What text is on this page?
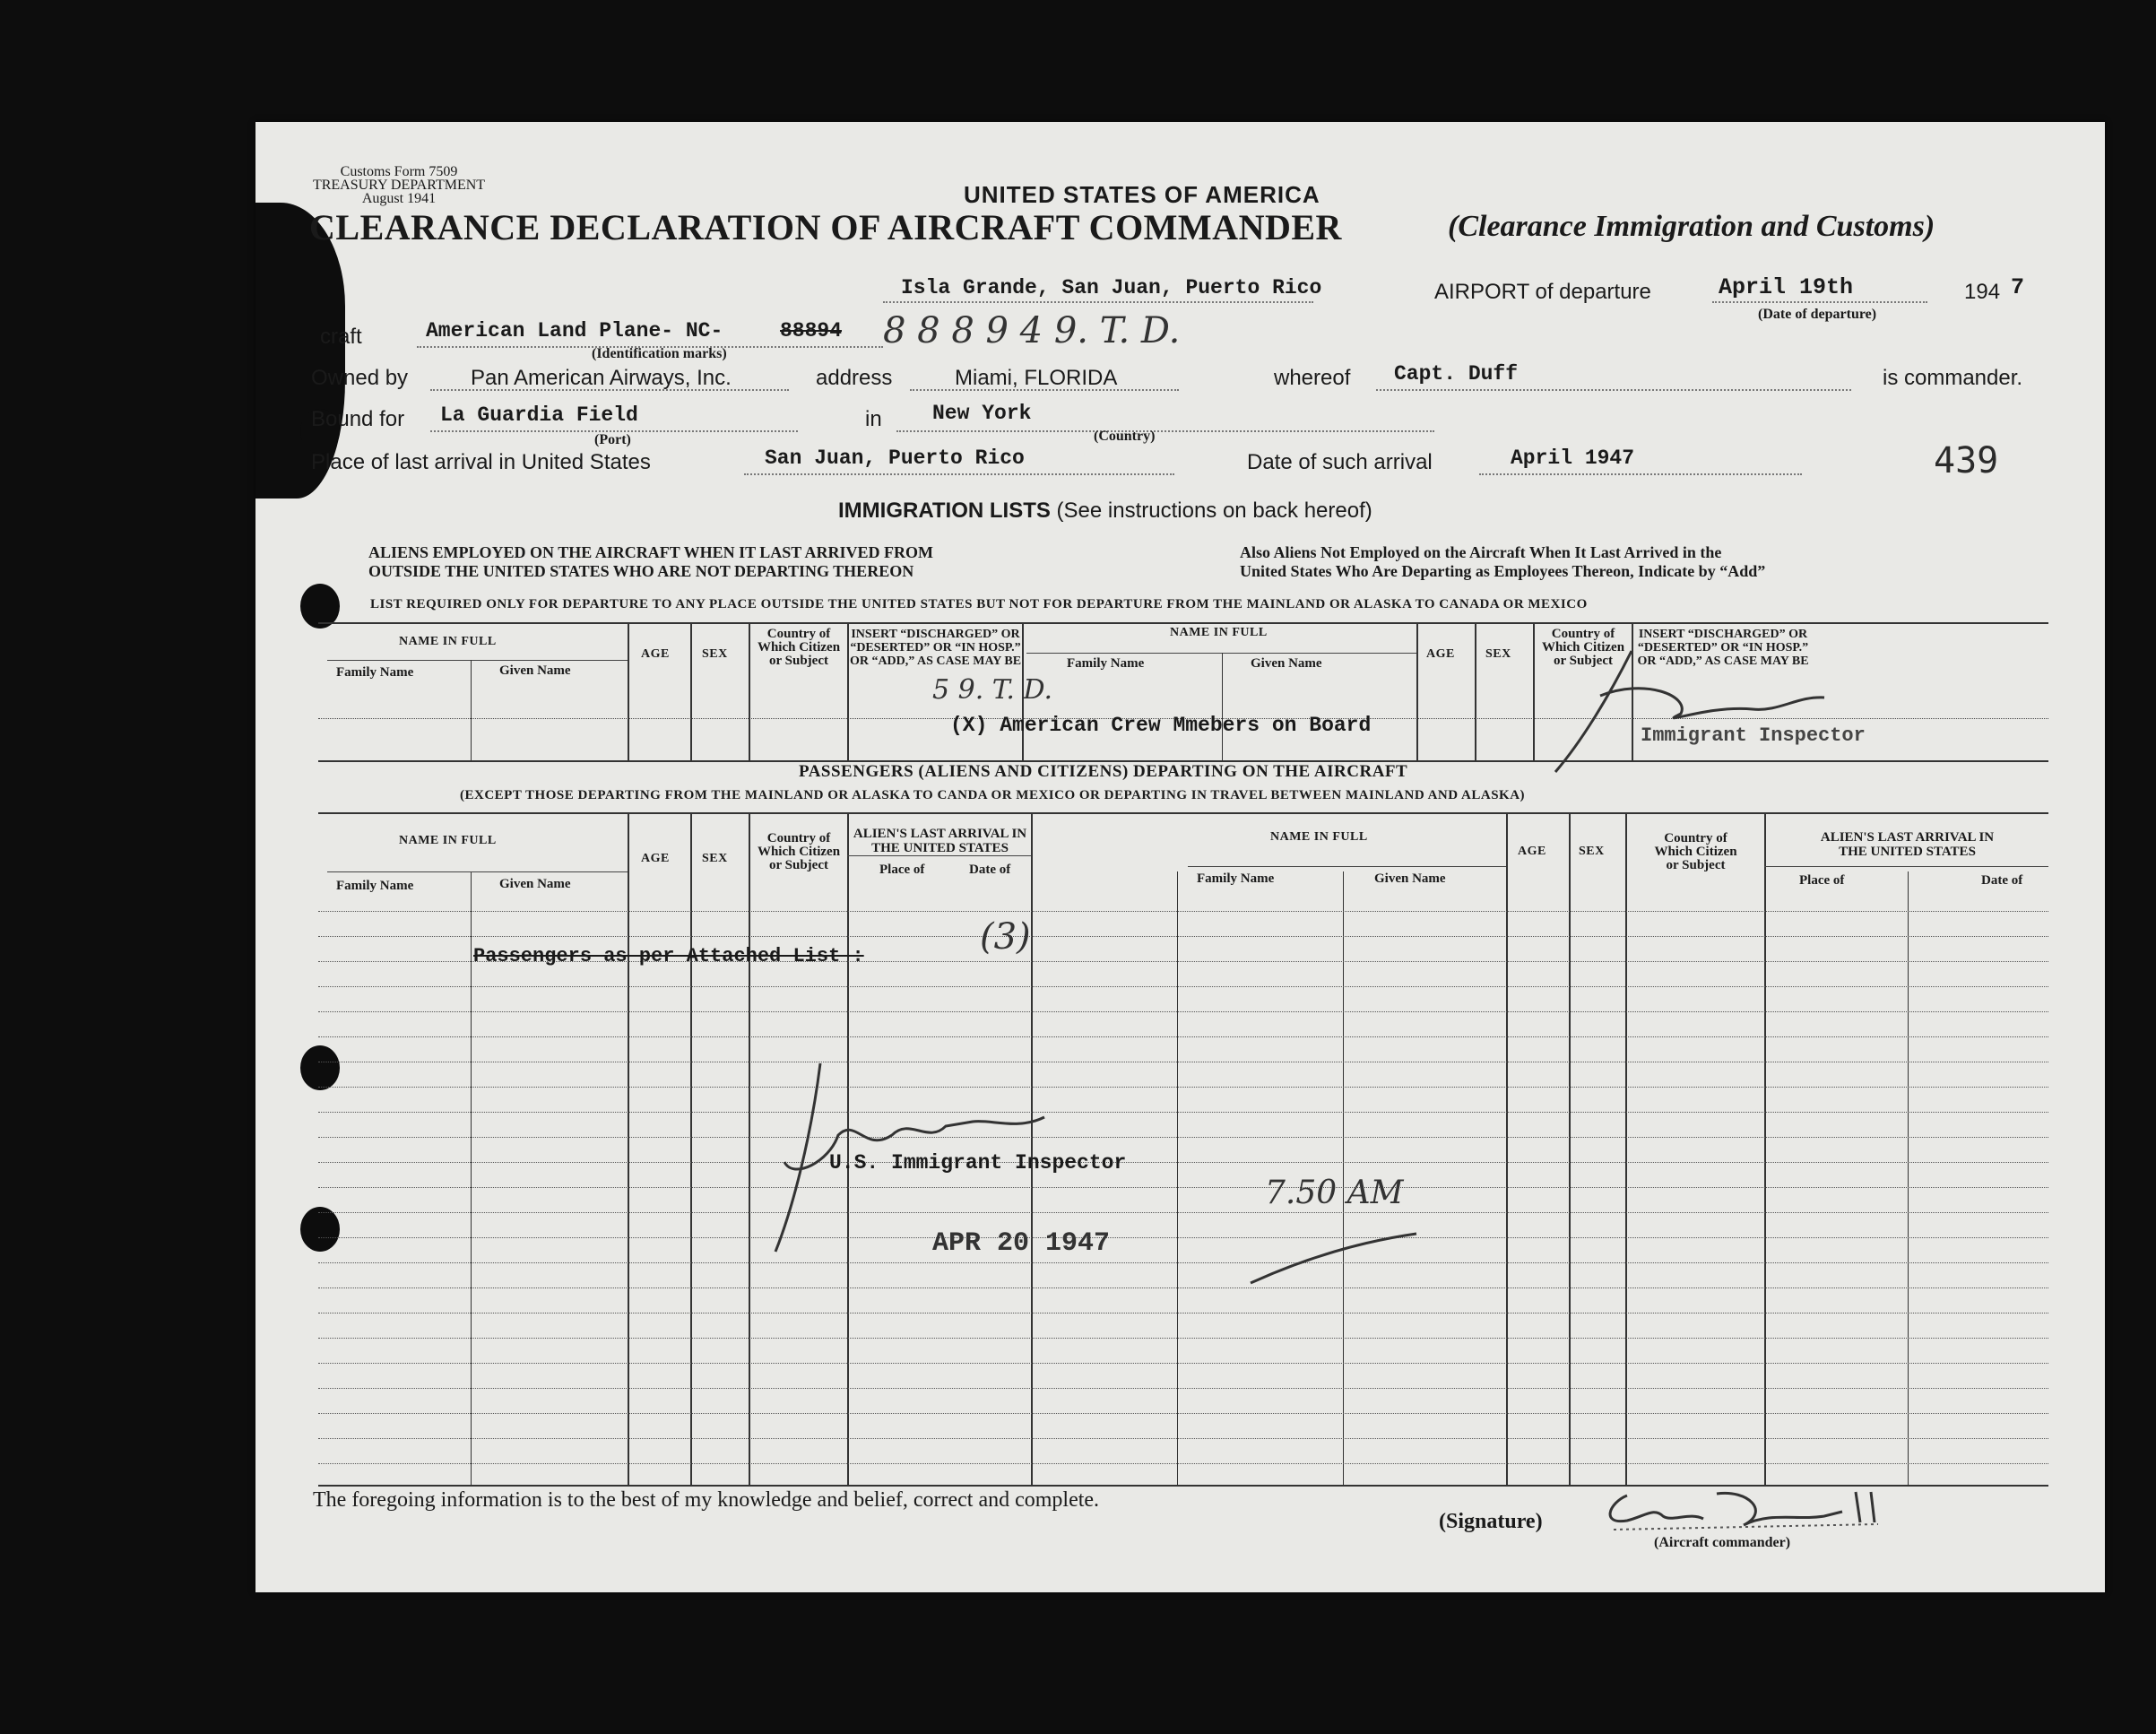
Customs Form 7509
TREASURY DEPARTMENT
August 1941	UNITED STATES OF AMERICA
CLEARANCE DECLARATION OF AIRCRAFT COMMANDER	(Clearance Immigration and Customs)
Isla Grande, San Juan, Puerto Rico	AIRPORT of departure	April 19th	194 7
(Date of departure)
craft	American Land Plane- NC-	88894 8 8 8 9 4 9. T. D.
(Identification marks)
Owned by	Pan American Airways, Inc.	address	Miami, FLORIDA	whereof Capt. Duff	is commander.
Bound for La Guardia Field	in New York
(Port)	(Country)
Place of last arrival in United States	San Juan, Puerto Rico	Date of such arrival	April 1947	439
IMMIGRATION LISTS (See instructions on back hereof)
ALIENS EMPLOYED ON THE AIRCRAFT WHEN IT LAST ARRIVED FROM
OUTSIDE THE UNITED STATES WHO ARE NOT DEPARTING THEREON
Also Aliens Not Employed on the Aircraft When It Last Arrived in the
United States Who Are Departing as Employees Thereon, Indicate by “Add”
LIST REQUIRED ONLY FOR DEPARTURE TO ANY PLACE OUTSIDE THE UNITED STATES BUT NOT FOR DEPARTURE FROM THE MAINLAND OR ALASKA TO CANADA OR MEXICO
NAME IN FULL
Family Name	Given Name
AGE	SEX
Country of
Which Citizen
or Subject
INSERT “DISCHARGED” OR
“DESERTED” OR “IN HOSP.”
OR “ADD,” AS CASE MAY BE
NAME IN FULL
Family Name	Given Name
AGE SEX
Country of
Which Citizen
or Subject
INSERT “DISCHARGED” OR
“DESERTED” OR “IN HOSP.”
OR “ADD,” AS CASE MAY BE
5 9. T. D.
(X) American Crew Mmebers on Board	Immigrant Inspector
PASSENGERS (ALIENS AND CITIZENS) DEPARTING ON THE AIRCRAFT
(EXCEPT THOSE DEPARTING FROM THE MAINLAND OR ALASKA TO CANDA OR MEXICO OR DEPARTING IN TRAVEL BETWEEN MAINLAND AND ALASKA)
NAME IN FULL
Family Name	Given Name
AGE	SEX
Country of
Which Citizen
or Subject
ALIEN'S LAST ARRIVAL IN
THE UNITED STATES
Place of	Date of
NAME IN FULL
Family Name	Given Name
AGE	SEX
Country of
Which Citizen
or Subject
ALIEN'S LAST ARRIVAL IN
THE UNITED STATES
Place of	Date of
Passengers as per Attached List :	(3)
U.S. Immigrant Inspector
APR 20 1947
7.50 AM
The foregoing information is to the best of my knowledge and belief, correct and complete.
(Signature)
(Aircraft commander)
